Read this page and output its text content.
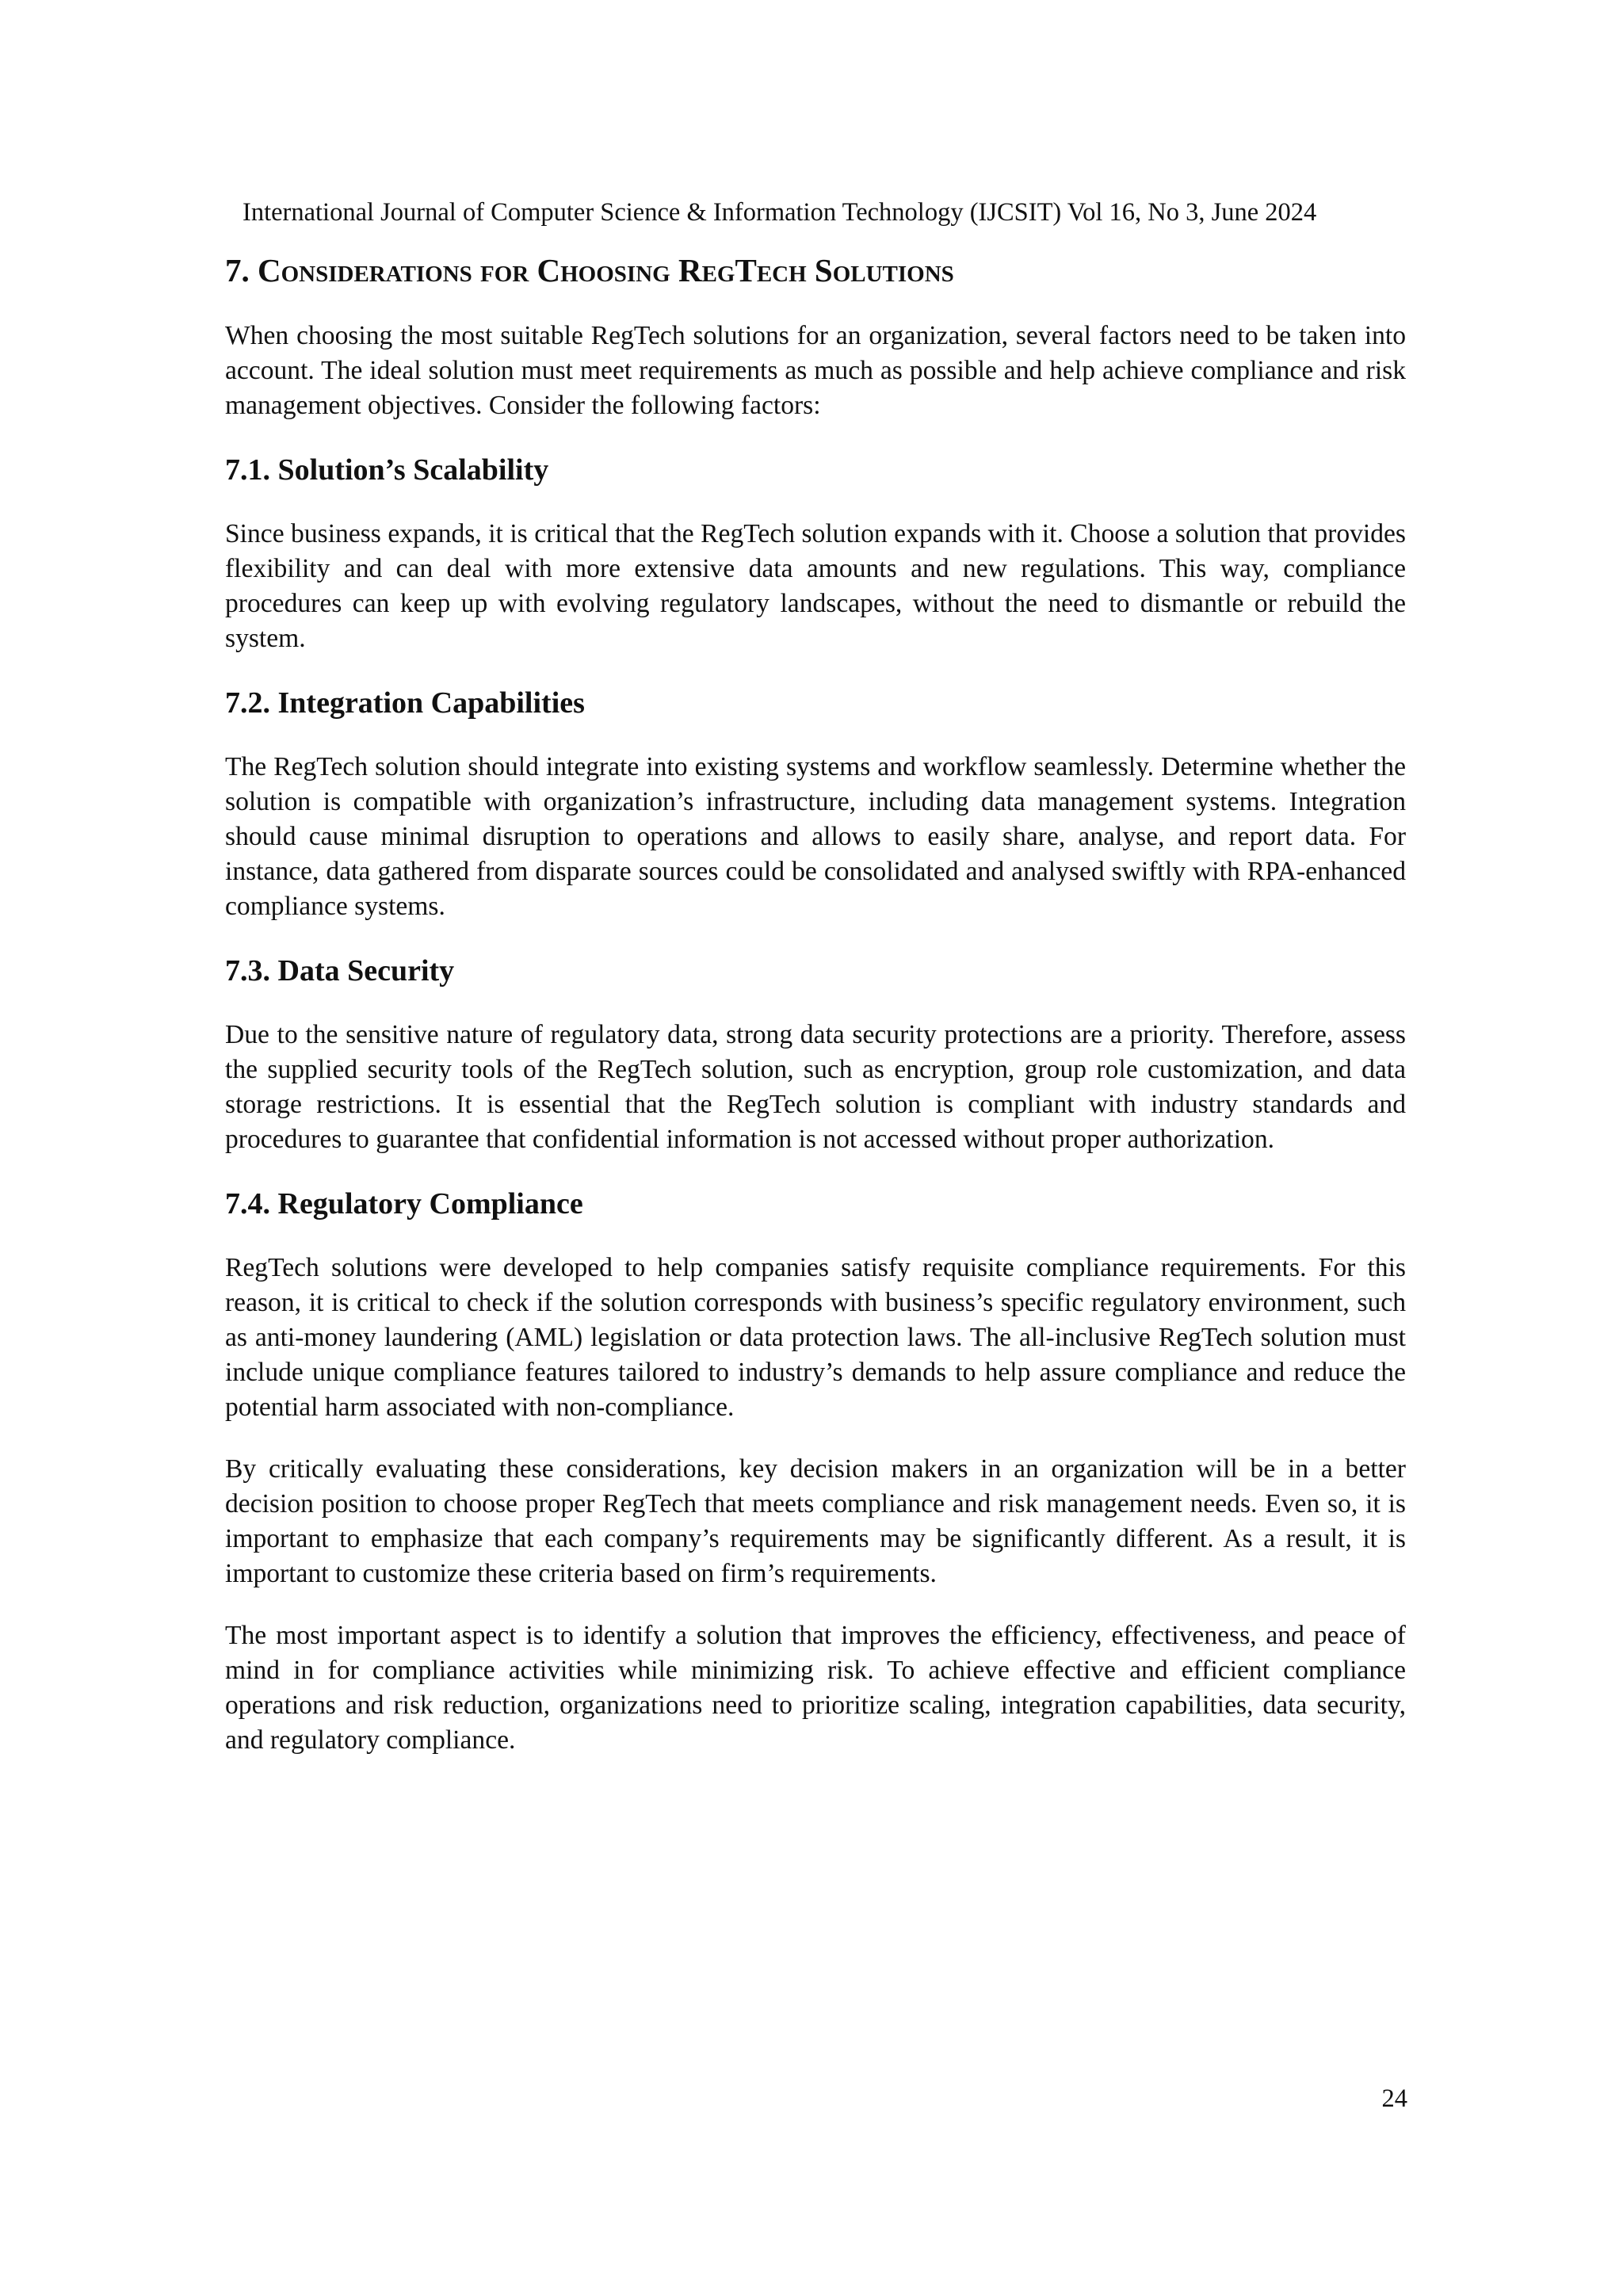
International Journal of Computer Science & Information Technology (IJCSIT) Vol 16, No 3, June 2024
7. Considerations for Choosing RegTech Solutions

When choosing the most suitable RegTech solutions for an organization, several factors need to be taken into account. The ideal solution must meet requirements as much as possible and help achieve compliance and risk management objectives. Consider the following factors:

7.1. Solution’s Scalability

Since business expands, it is critical that the RegTech solution expands with it. Choose a solution that provides flexibility and can deal with more extensive data amounts and new regulations. This way, compliance procedures can keep up with evolving regulatory landscapes, without the need to dismantle or rebuild the system.

7.2. Integration Capabilities

The RegTech solution should integrate into existing systems and workflow seamlessly. Determine whether the solution is compatible with organization’s infrastructure, including data management systems. Integration should cause minimal disruption to operations and allows to easily share, analyse, and report data. For instance, data gathered from disparate sources could be consolidated and analysed swiftly with RPA-enhanced compliance systems.

7.3. Data Security

Due to the sensitive nature of regulatory data, strong data security protections are a priority. Therefore, assess the supplied security tools of the RegTech solution, such as encryption, group role customization, and data storage restrictions. It is essential that the RegTech solution is compliant with industry standards and procedures to guarantee that confidential information is not accessed without proper authorization.

7.4. Regulatory Compliance

RegTech solutions were developed to help companies satisfy requisite compliance requirements. For this reason, it is critical to check if the solution corresponds with business’s specific regulatory environment, such as anti-money laundering (AML) legislation or data protection laws. The all-inclusive RegTech solution must include unique compliance features tailored to industry’s demands to help assure compliance and reduce the potential harm associated with non-compliance.

By critically evaluating these considerations, key decision makers in an organization will be in a better decision position to choose proper RegTech that meets compliance and risk management needs. Even so, it is important to emphasize that each company’s requirements may be significantly different. As a result, it is important to customize these criteria based on firm’s requirements.

The most important aspect is to identify a solution that improves the efficiency, effectiveness, and peace of mind in for compliance activities while minimizing risk. To achieve effective and efficient compliance operations and risk reduction, organizations need to prioritize scaling, integration capabilities, data security, and regulatory compliance.

24
